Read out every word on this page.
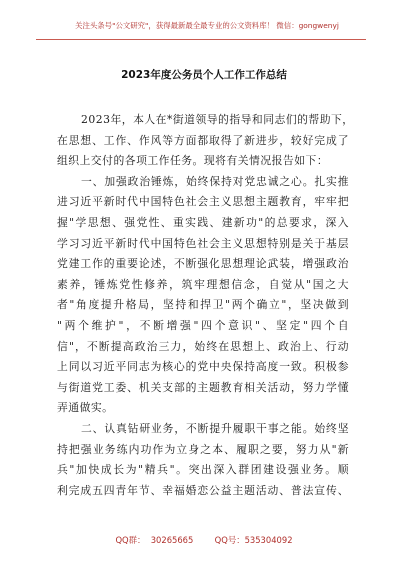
关注头条号"公文研究"，获得最新最全最专业的公文资料库！ 微信：gongwenyj
2023年度公务员个人工作工作总结
2023年，本人在*街道领导的指导和同志们的帮助下，
在思想、工作、作风等方面都取得了新进步，较好完成了
组织上交付的各项工作任务。现将有关情况报告如下：
一、加强政治锤炼，始终保持对党忠诚之心。扎实推
进习近平新时代中国特色社会主义思想主题教育，牢牢把
握"学思想、强党性、重实践、建新功"的总要求，深入
学习习近平新时代中国特色社会主义思想特别是关于基层
党建工作的重要论述，不断强化思想理论武装，增强政治
素养，锤炼党性修养，筑牢理想信念，自觉从"国之大
者"角度提升格局，坚持和捍卫"两个确立"，坚决做到
"两个维护"，不断增强"四个意识"、坚定"四个自
信"，不断提高政治三力，始终在思想上、政治上、行动
上同以习近平同志为核心的党中央保持高度一致。积极参
与街道党工委、机关支部的主题教育相关活动，努力学懂
弄通做实。
二、认真钻研业务，不断提升履职干事之能。始终坚
持把强业务练内功作为立身之本、履职之要，努力从"新
兵"加快成长为"精兵"。突出深入群团建设强业务。顺
利完成五四青年节、幸福婚恋公益主题活动、普法宣传、
QQ群：  30265665        QQ号：535304092
